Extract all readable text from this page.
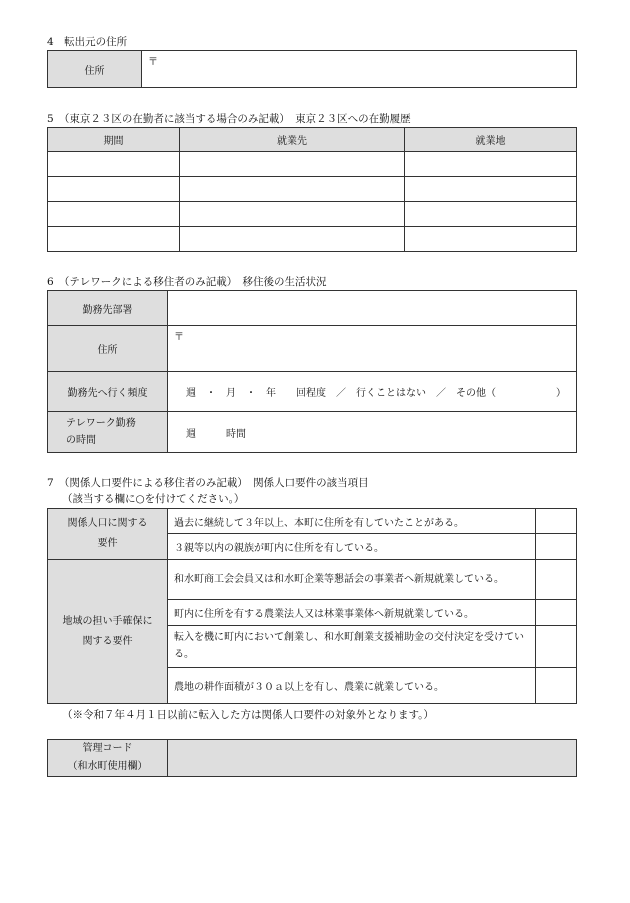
4　転出元の住所
住所	〒
5　（東京２３区の在勤者に該当する場合のみ記載）　東京２３区への在勤履歴
期間	就業先	就業地

6　（テレワークによる移住者のみ記載）　移住後の生活状況
勤務先部署	
住所	〒
勤務先へ行く頻度	週　・　月　・　年　　回程度　／　行くことはない　／　その他（　　　　　　）

テレワーク勤務
の時間	週　　　時間
7　（関係人口要件による移住者のみ記載）　関係人口要件の該当項目
（該当する欄に○を付けてください。）
関係人口に関する
要件	過去に継続して３年以上、本町に住所を有していたことがある。	
	３親等以内の親族が町内に住所を有している。	

地域の担い手確保に
関する要件	和水町商工会会員又は和水町企業等懇話会の事業者へ新規就業している。	
	町内に住所を有する農業法人又は林業事業体へ新規就業している。	
	転入を機に町内において創業し、和水町創業支援補助金の交付決定を受けている。	
	農地の耕作面積が３０ａ以上を有し、農業に就業している。	
（※令和７年４月１日以前に転入した方は関係人口要件の対象外となります。）
管理コード
（和水町使用欄）
